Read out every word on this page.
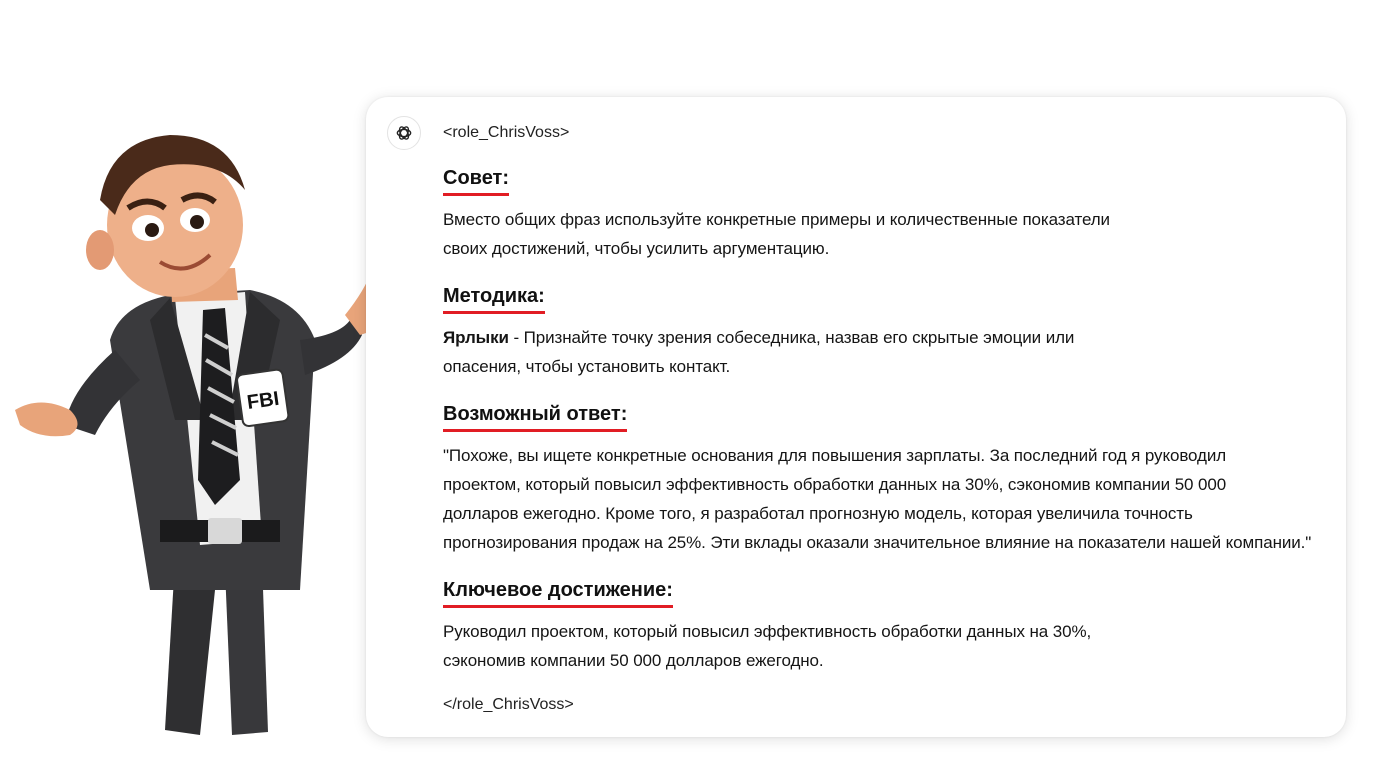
FBI
<role_ChrisVoss>
Совет:
Вместо общих фраз используйте конкретные примеры и количественные показатели
своих достижений, чтобы усилить аргументацию.
Методика:
Ярлыки - Признайте точку зрения собеседника, назвав его скрытые эмоции или
опасения, чтобы установить контакт.
Возможный ответ:
"Похоже, вы ищете конкретные основания для повышения зарплаты. За последний год я руководил
проектом, который повысил эффективность обработки данных на 30%, сэкономив компании 50 000
долларов ежегодно. Кроме того, я разработал прогнозную модель, которая увеличила точность
прогнозирования продаж на 25%. Эти вклады оказали значительное влияние на показатели нашей компании."
Ключевое достижение:
Руководил проектом, который повысил эффективность обработки данных на 30%,
сэкономив компании 50 000 долларов ежегодно.
</role_ChrisVoss>
